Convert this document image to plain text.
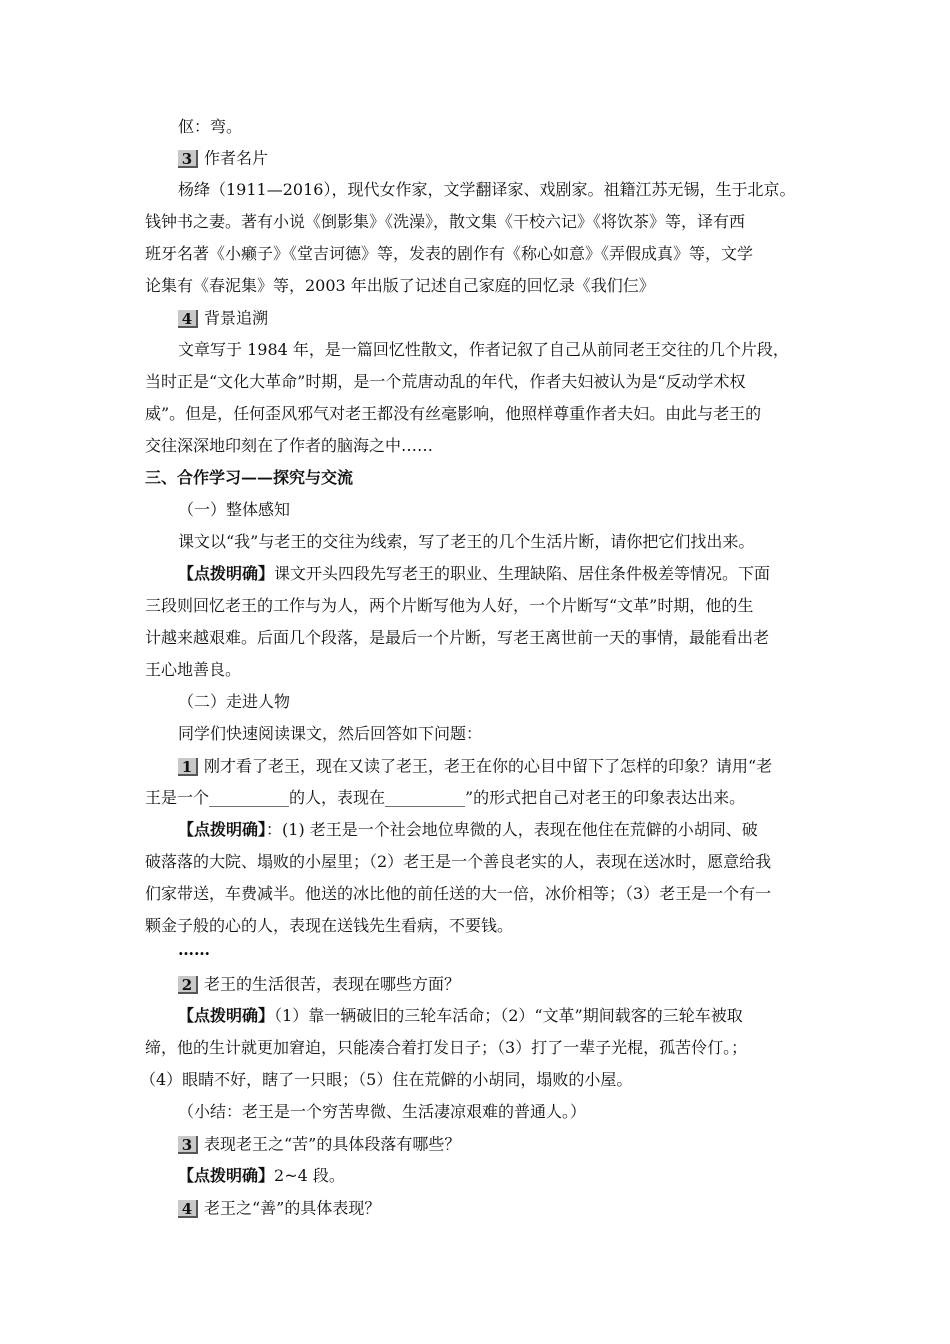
伛：弯。
3 作者名片
杨绛（1911—2016），现代女作家，文学翻译家、戏剧家。祖籍江苏无锡，生于北京。
钱钟书之妻。著有小说《倒影集》《洗澡》，散文集《干校六记》《将饮茶》等，译有西
班牙名著《小癞子》《堂吉诃德》等，发表的剧作有《称心如意》《弄假成真》等，文学
论集有《春泥集》等，2003 年出版了记述自己家庭的回忆录《我们仨》
4 背景追溯
文章写于 1984 年，是一篇回忆性散文，作者记叙了自己从前同老王交往的几个片段，
当时正是“文化大革命”时期，是一个荒唐动乱的年代，作者夫妇被认为是“反动学术权
威”。但是，任何歪风邪气对老王都没有丝毫影响，他照样尊重作者夫妇。由此与老王的
交往深深地印刻在了作者的脑海之中……
三、合作学习——探究与交流
（一）整体感知
课文以“我”与老王的交往为线索，写了老王的几个生活片断，请你把它们找出来。
【点拨明确】课文开头四段先写老王的职业、生理缺陷、居住条件极差等情况。下面
三段则回忆老王的工作与为人，两个片断写他为人好，一个片断写“文革”时期，他的生
计越来越艰难。后面几个段落，是最后一个片断，写老王离世前一天的事情，最能看出老
王心地善良。
（二）走进人物
同学们快速阅读课文，然后回答如下问题：
1 刚才看了老王，现在又读了老王，老王在你的心目中留下了怎样的印象？请用“老
王是一个__________的人，表现在__________”的形式把自己对老王的印象表达出来。
【点拨明确】：(1) 老王是一个社会地位卑微的人，表现在他住在荒僻的小胡同、破
破落落的大院、塌败的小屋里；（2）老王是一个善良老实的人，表现在送冰时，愿意给我
们家带送，车费减半。他送的冰比他的前任送的大一倍，冰价相等；（3）老王是一个有一
颗金子般的心的人，表现在送钱先生看病，不要钱。
……
2 老王的生活很苦，表现在哪些方面？
【点拨明确】（1）靠一辆破旧的三轮车活命；（2）“文革”期间载客的三轮车被取
缔，他的生计就更加窘迫，只能凑合着打发日子；（3）打了一辈子光棍，孤苦伶仃。；
（4）眼睛不好，瞎了一只眼；（5）住在荒僻的小胡同，塌败的小屋。
（小结：老王是一个穷苦卑微、生活凄凉艰难的普通人。）
3 表现老王之“苦”的具体段落有哪些？
【点拨明确】2~4 段。
4 老王之“善”的具体表现？
